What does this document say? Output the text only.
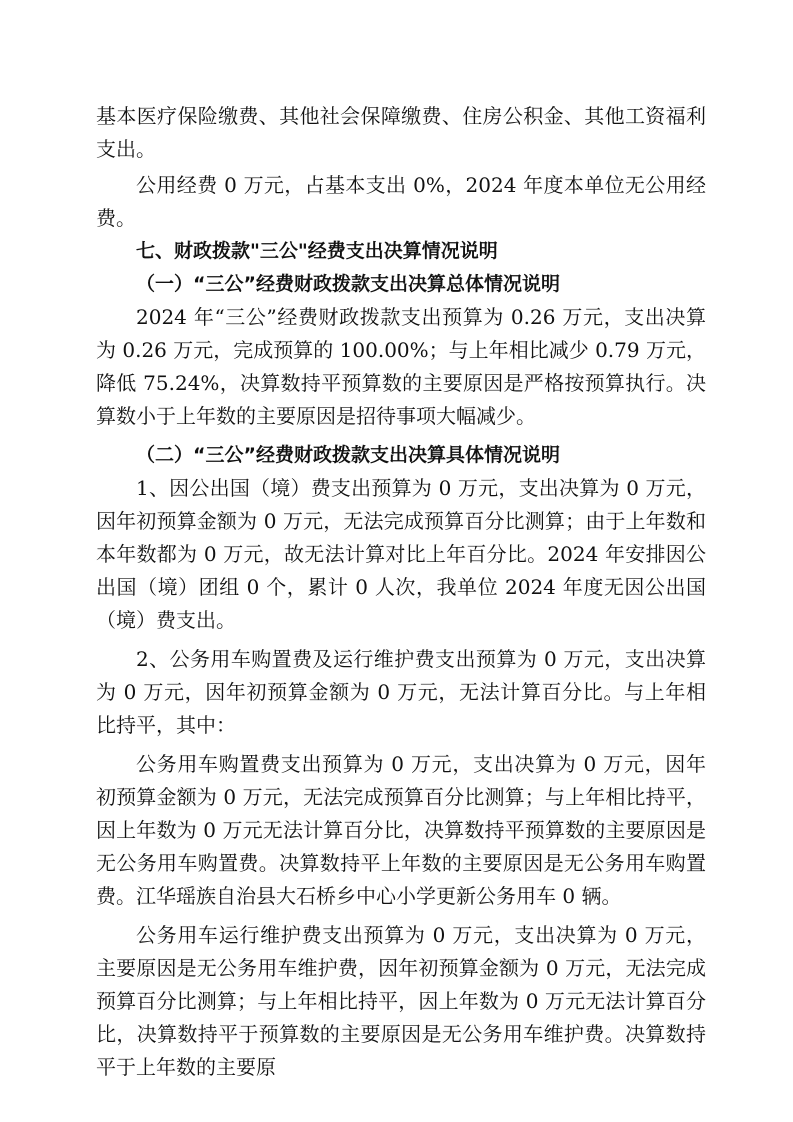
基本医疗保险缴费、其他社会保障缴费、住房公积金、其他工资福利支出。

公用经费 0 万元，占基本支出 0%，2024 年度本单位无公用经费。

七、财政拨款"三公"经费支出决算情况说明

（一）“三公”经费财政拨款支出决算总体情况说明

2024 年“三公”经费财政拨款支出预算为 0.26 万元，支出决算为 0.26 万元，完成预算的 100.00%；与上年相比减少 0.79 万元，降低 75.24%，决算数持平预算数的主要原因是严格按预算执行。决算数小于上年数的主要原因是招待事项大幅减少。

（二）“三公”经费财政拨款支出决算具体情况说明

1、因公出国（境）费支出预算为 0 万元，支出决算为 0 万元，因年初预算金额为 0 万元，无法完成预算百分比测算；由于上年数和本年数都为 0 万元，故无法计算对比上年百分比。2024 年安排因公出国（境）团组 0 个，累计 0 人次，我单位 2024 年度无因公出国（境）费支出。

2、公务用车购置费及运行维护费支出预算为 0 万元，支出决算为 0 万元，因年初预算金额为 0 万元，无法计算百分比。与上年相比持平，其中：

公务用车购置费支出预算为 0 万元，支出决算为 0 万元，因年初预算金额为 0 万元，无法完成预算百分比测算；与上年相比持平，因上年数为 0 万元无法计算百分比，决算数持平预算数的主要原因是无公务用车购置费。决算数持平上年数的主要原因是无公务用车购置费。江华瑶族自治县大石桥乡中心小学更新公务用车 0 辆。

公务用车运行维护费支出预算为 0 万元，支出决算为 0 万元，主要原因是无公务用车维护费，因年初预算金额为 0 万元，无法完成预算百分比测算；与上年相比持平，因上年数为 0 万元无法计算百分比，决算数持平于预算数的主要原因是无公务用车维护费。决算数持平于上年数的主要原
